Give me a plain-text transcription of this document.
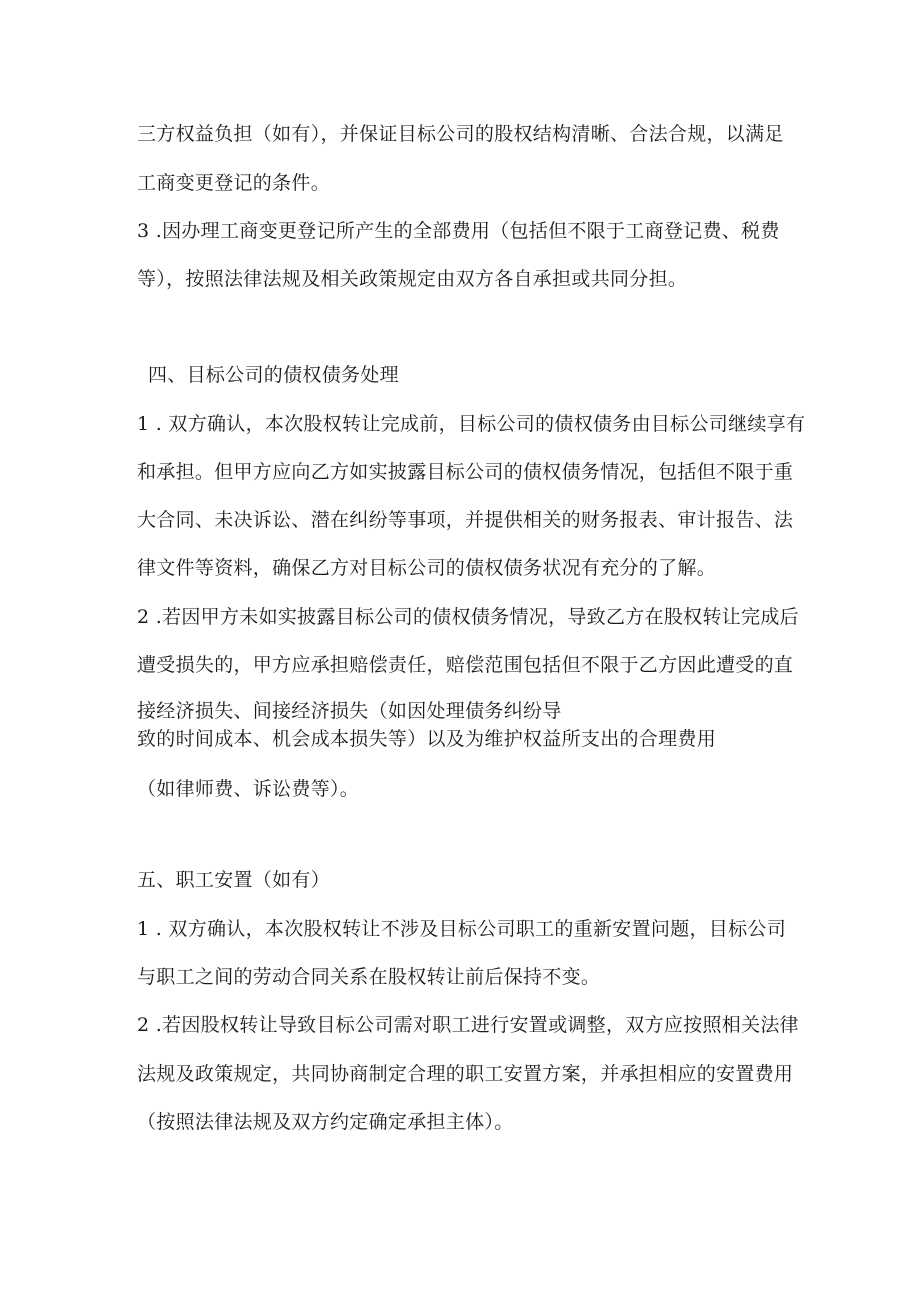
三方权益负担（如有），并保证目标公司的股权结构清晰、合法合规，以满足
工商变更登记的条件。
3 .因办理工商变更登记所产生的全部费用（包括但不限于工商登记费、税费
等），按照法律法规及相关政策规定由双方各自承担或共同分担。
四、目标公司的债权债务处理
1 . 双方确认，本次股权转让完成前，目标公司的债权债务由目标公司继续享有
和承担。但甲方应向乙方如实披露目标公司的债权债务情况，包括但不限于重
大合同、未决诉讼、潜在纠纷等事项，并提供相关的财务报表、审计报告、法
律文件等资料，确保乙方对目标公司的债权债务状况有充分的了解。
2 .若因甲方未如实披露目标公司的债权债务情况，导致乙方在股权转让完成后
遭受损失的，甲方应承担赔偿责任，赔偿范围包括但不限于乙方因此遭受的直
接经济损失、间接经济损失（如因处理债务纠纷导
致的时间成本、机会成本损失等）以及为维护权益所支出的合理费用
（如律师费、诉讼费等）。
五、职工安置（如有）
1 . 双方确认，本次股权转让不涉及目标公司职工的重新安置问题，目标公司
与职工之间的劳动合同关系在股权转让前后保持不变。
2 .若因股权转让导致目标公司需对职工进行安置或调整，双方应按照相关法律
法规及政策规定，共同协商制定合理的职工安置方案，并承担相应的安置费用
（按照法律法规及双方约定确定承担主体）。
